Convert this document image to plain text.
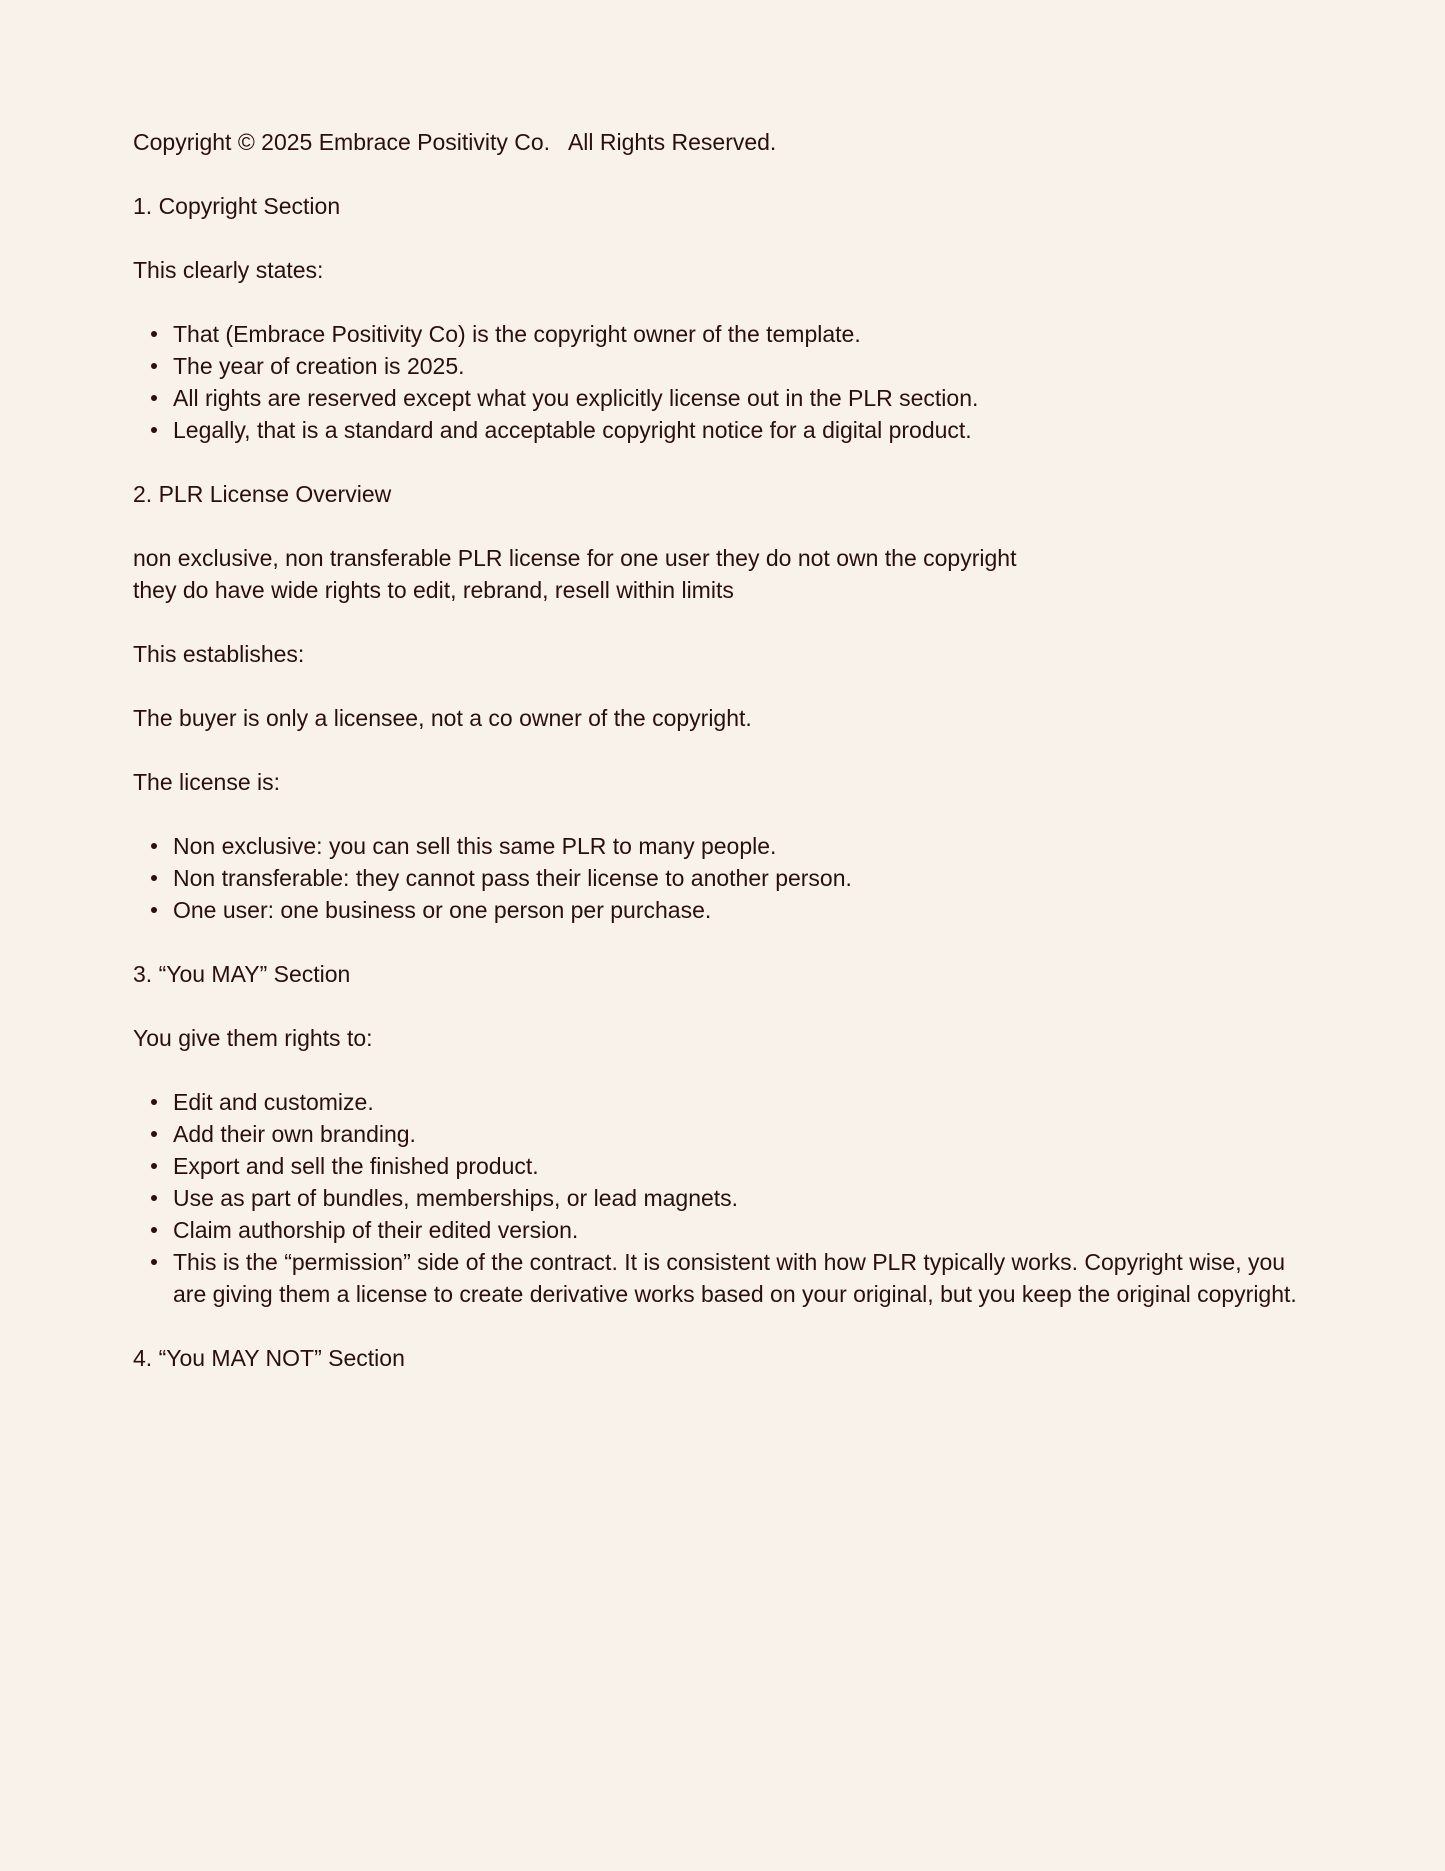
Copyright © 2025 Embrace Positivity Co.   All Rights Reserved.

1. Copyright Section

This clearly states:

That (Embrace Positivity Co) is the copyright owner of the template.
The year of creation is 2025.
All rights are reserved except what you explicitly license out in the PLR section.
Legally, that is a standard and acceptable copyright notice for a digital product.

2. PLR License Overview

non exclusive, non transferable PLR license for one user they do not own the copyright

they do have wide rights to edit, rebrand, resell within limits

This establishes:

The buyer is only a licensee, not a co owner of the copyright.

The license is:

Non exclusive: you can sell this same PLR to many people.
Non transferable: they cannot pass their license to another person.
One user: one business or one person per purchase.

3. “You MAY” Section

You give them rights to:

Edit and customize.
Add their own branding.
Export and sell the finished product.
Use as part of bundles, memberships, or lead magnets.
Claim authorship of their edited version.
This is the “permission” side of the contract. It is consistent with how PLR typically works. Copyright wise, you are giving them a license to create derivative works based on your original, but you keep the original copyright.

4. “You MAY NOT” Section
